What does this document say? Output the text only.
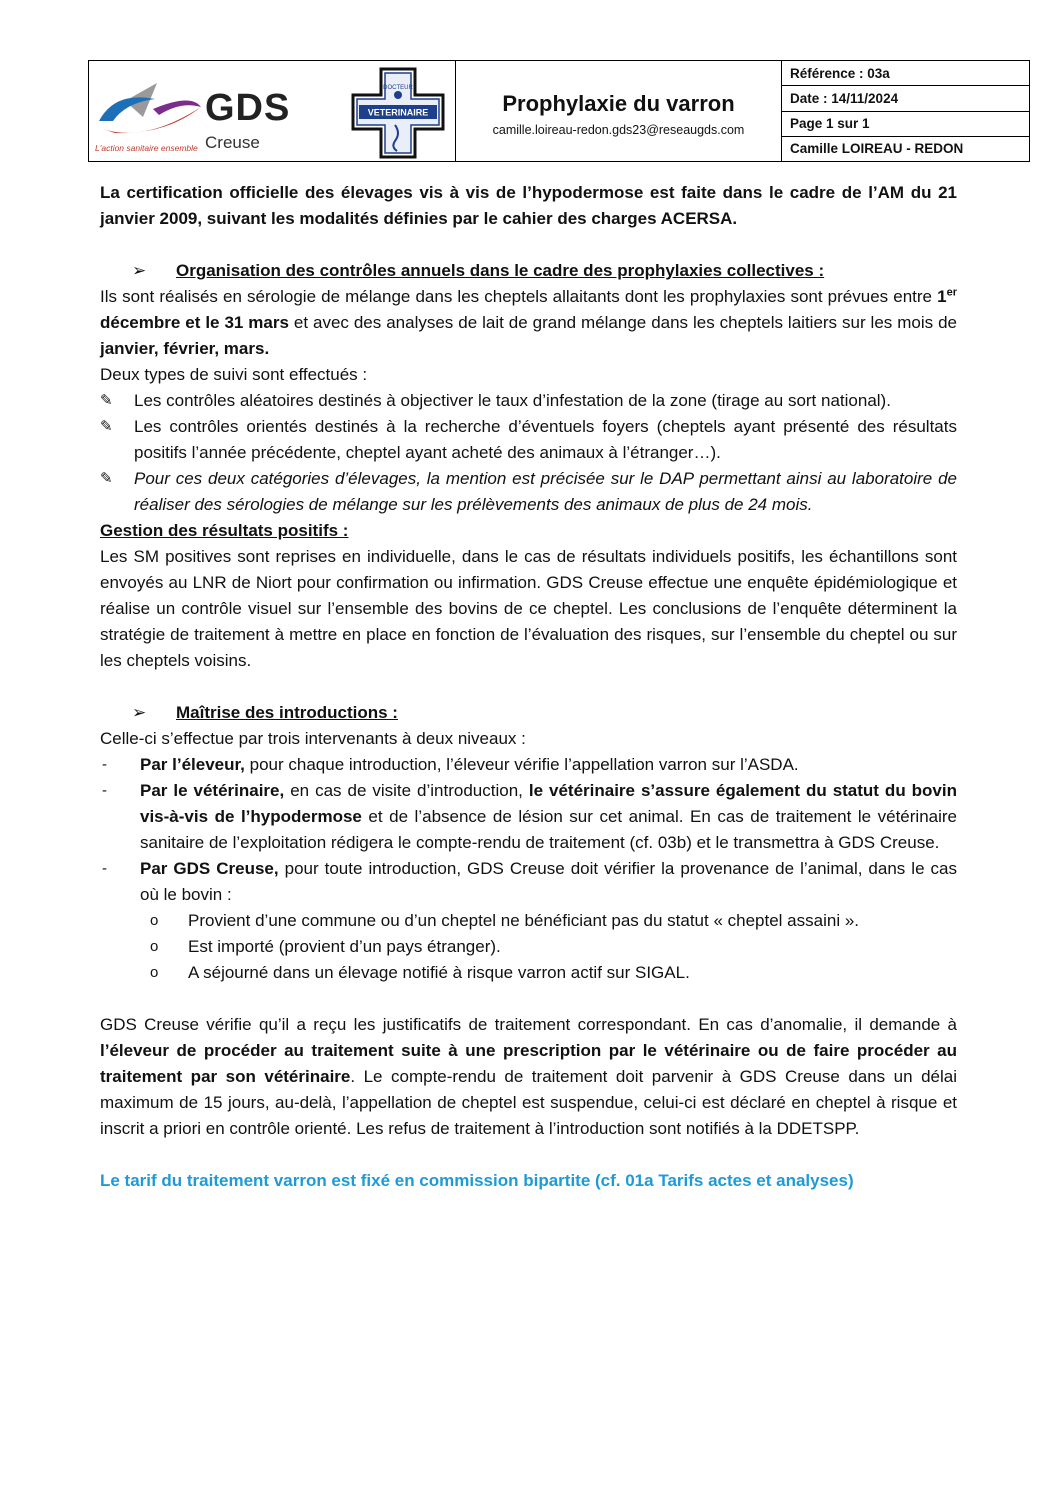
GDS
Creuse
L'action sanitaire ensemble
DOCTEUR
VETERINAIRE	Prophylaxie du varron
camille.loireau-redon.gds23@reseaugds.com
Référence : 03a
Date : 14/11/2024
Page 1 sur 1
Camille LOIREAU - REDON

La certification officielle des élevages vis à vis de l’hypodermose est faite dans le cadre de l’AM du 21 janvier 2009, suivant les modalités définies par le cahier des charges ACERSA.

➢	Organisation des contrôles annuels dans le cadre des prophylaxies collectives :

Ils sont réalisés en sérologie de mélange dans les cheptels allaitants dont les prophylaxies sont prévues entre 1er décembre et le 31 mars et avec des analyses de lait de grand mélange dans les cheptels laitiers sur les mois de janvier, février, mars.

Deux types de suivi sont effectués :

✎	Les contrôles aléatoires destinés à objectiver le taux d’infestation de la zone (tirage au sort national).
✎	Les contrôles orientés destinés à la recherche d’éventuels foyers (cheptels ayant présenté des résultats positifs l’année précédente, cheptel ayant acheté des animaux à l’étranger…).
✎	Pour ces deux catégories d’élevages, la mention est précisée sur le DAP permettant ainsi au laboratoire de réaliser des sérologies de mélange sur les prélèvements des animaux de plus de 24 mois.

Gestion des résultats positifs :

Les SM positives sont reprises en individuelle, dans le cas de résultats individuels positifs, les échantillons sont envoyés au LNR de Niort pour confirmation ou infirmation. GDS Creuse effectue une enquête épidémiologique et réalise un contrôle visuel sur l’ensemble des bovins de ce cheptel. Les conclusions de l’enquête déterminent la stratégie de traitement à mettre en place en fonction de l’évaluation des risques, sur l’ensemble du cheptel ou sur les cheptels voisins.

➢	Maîtrise des introductions :

Celle-ci s’effectue par trois intervenants à deux niveaux :

-	Par l’éleveur, pour chaque introduction, l’éleveur vérifie l’appellation varron sur l’ASDA.
-	Par le vétérinaire, en cas de visite d’introduction, le vétérinaire s’assure également du statut du bovin vis-à-vis de l’hypodermose et de l’absence de lésion sur cet animal. En cas de traitement le vétérinaire sanitaire de l’exploitation rédigera le compte-rendu de traitement (cf. 03b) et le transmettra à GDS Creuse.
-	Par GDS Creuse, pour toute introduction, GDS Creuse doit vérifier la provenance de l’animal, dans le cas où le bovin :
o	Provient d’une commune ou d’un cheptel ne bénéficiant pas du statut « cheptel assaini ».
o	Est importé (provient d’un pays étranger).
o	A séjourné dans un élevage notifié à risque varron actif sur SIGAL.

GDS Creuse vérifie qu’il a reçu les justificatifs de traitement correspondant. En cas d’anomalie, il demande à l’éleveur de procéder au traitement suite à une prescription par le vétérinaire ou de faire procéder au traitement par son vétérinaire. Le compte-rendu de traitement doit parvenir à GDS Creuse dans un délai maximum de 15 jours, au-delà, l’appellation de cheptel est suspendue, celui-ci est déclaré en cheptel à risque et inscrit a priori en contrôle orienté. Les refus de traitement à l’introduction sont notifiés à la DDETSPP.

Le tarif du traitement varron est fixé en commission bipartite (cf. 01a Tarifs actes et analyses)
